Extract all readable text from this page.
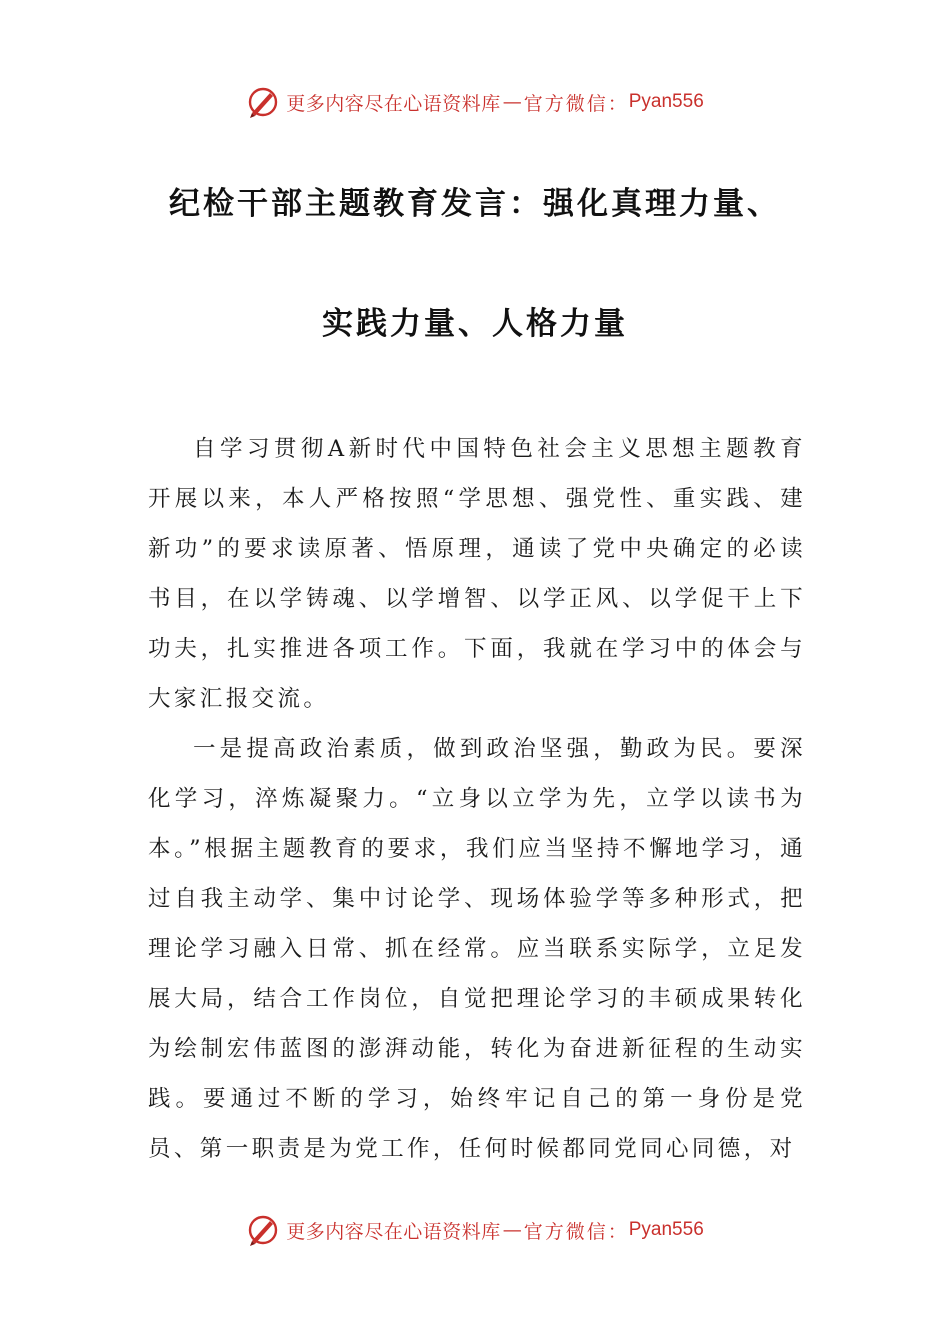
更多内容尽在心语资料库 — 官方微信： Pyan556
纪检干部主题教育发言：强化真理力量、
实践力量、人格力量

自学习贯彻A新时代中国特色社会主义思想主题教育开展以来，本人严格按照“学思想、强党性、重实践、建新功”的要求读原著、悟原理，通读了党中央确定的必读书目，在以学铸魂、以学增智、以学正风、以学促干上下功夫，扎实推进各项工作。下面，我就在学习中的体会与大家汇报交流。

一是提高政治素质，做到政治坚强，勤政为民。要深化学习，淬炼凝聚力。“立身以立学为先，立学以读书为本。”根据主题教育的要求，我们应当坚持不懈地学习，通过自我主动学、集中讨论学、现场体验学等多种形式，把理论学习融入日常、抓在经常。应当联系实际学，立足发展大局，结合工作岗位，自觉把理论学习的丰硕成果转化为绘制宏伟蓝图的澎湃动能，转化为奋进新征程的生动实践。要通过不断的学习，始终牢记自己的第一身份是党员、第一职责是为党工作，任何时候都同党同心同德，对

更多内容尽在心语资料库 — 官方微信： Pyan556
